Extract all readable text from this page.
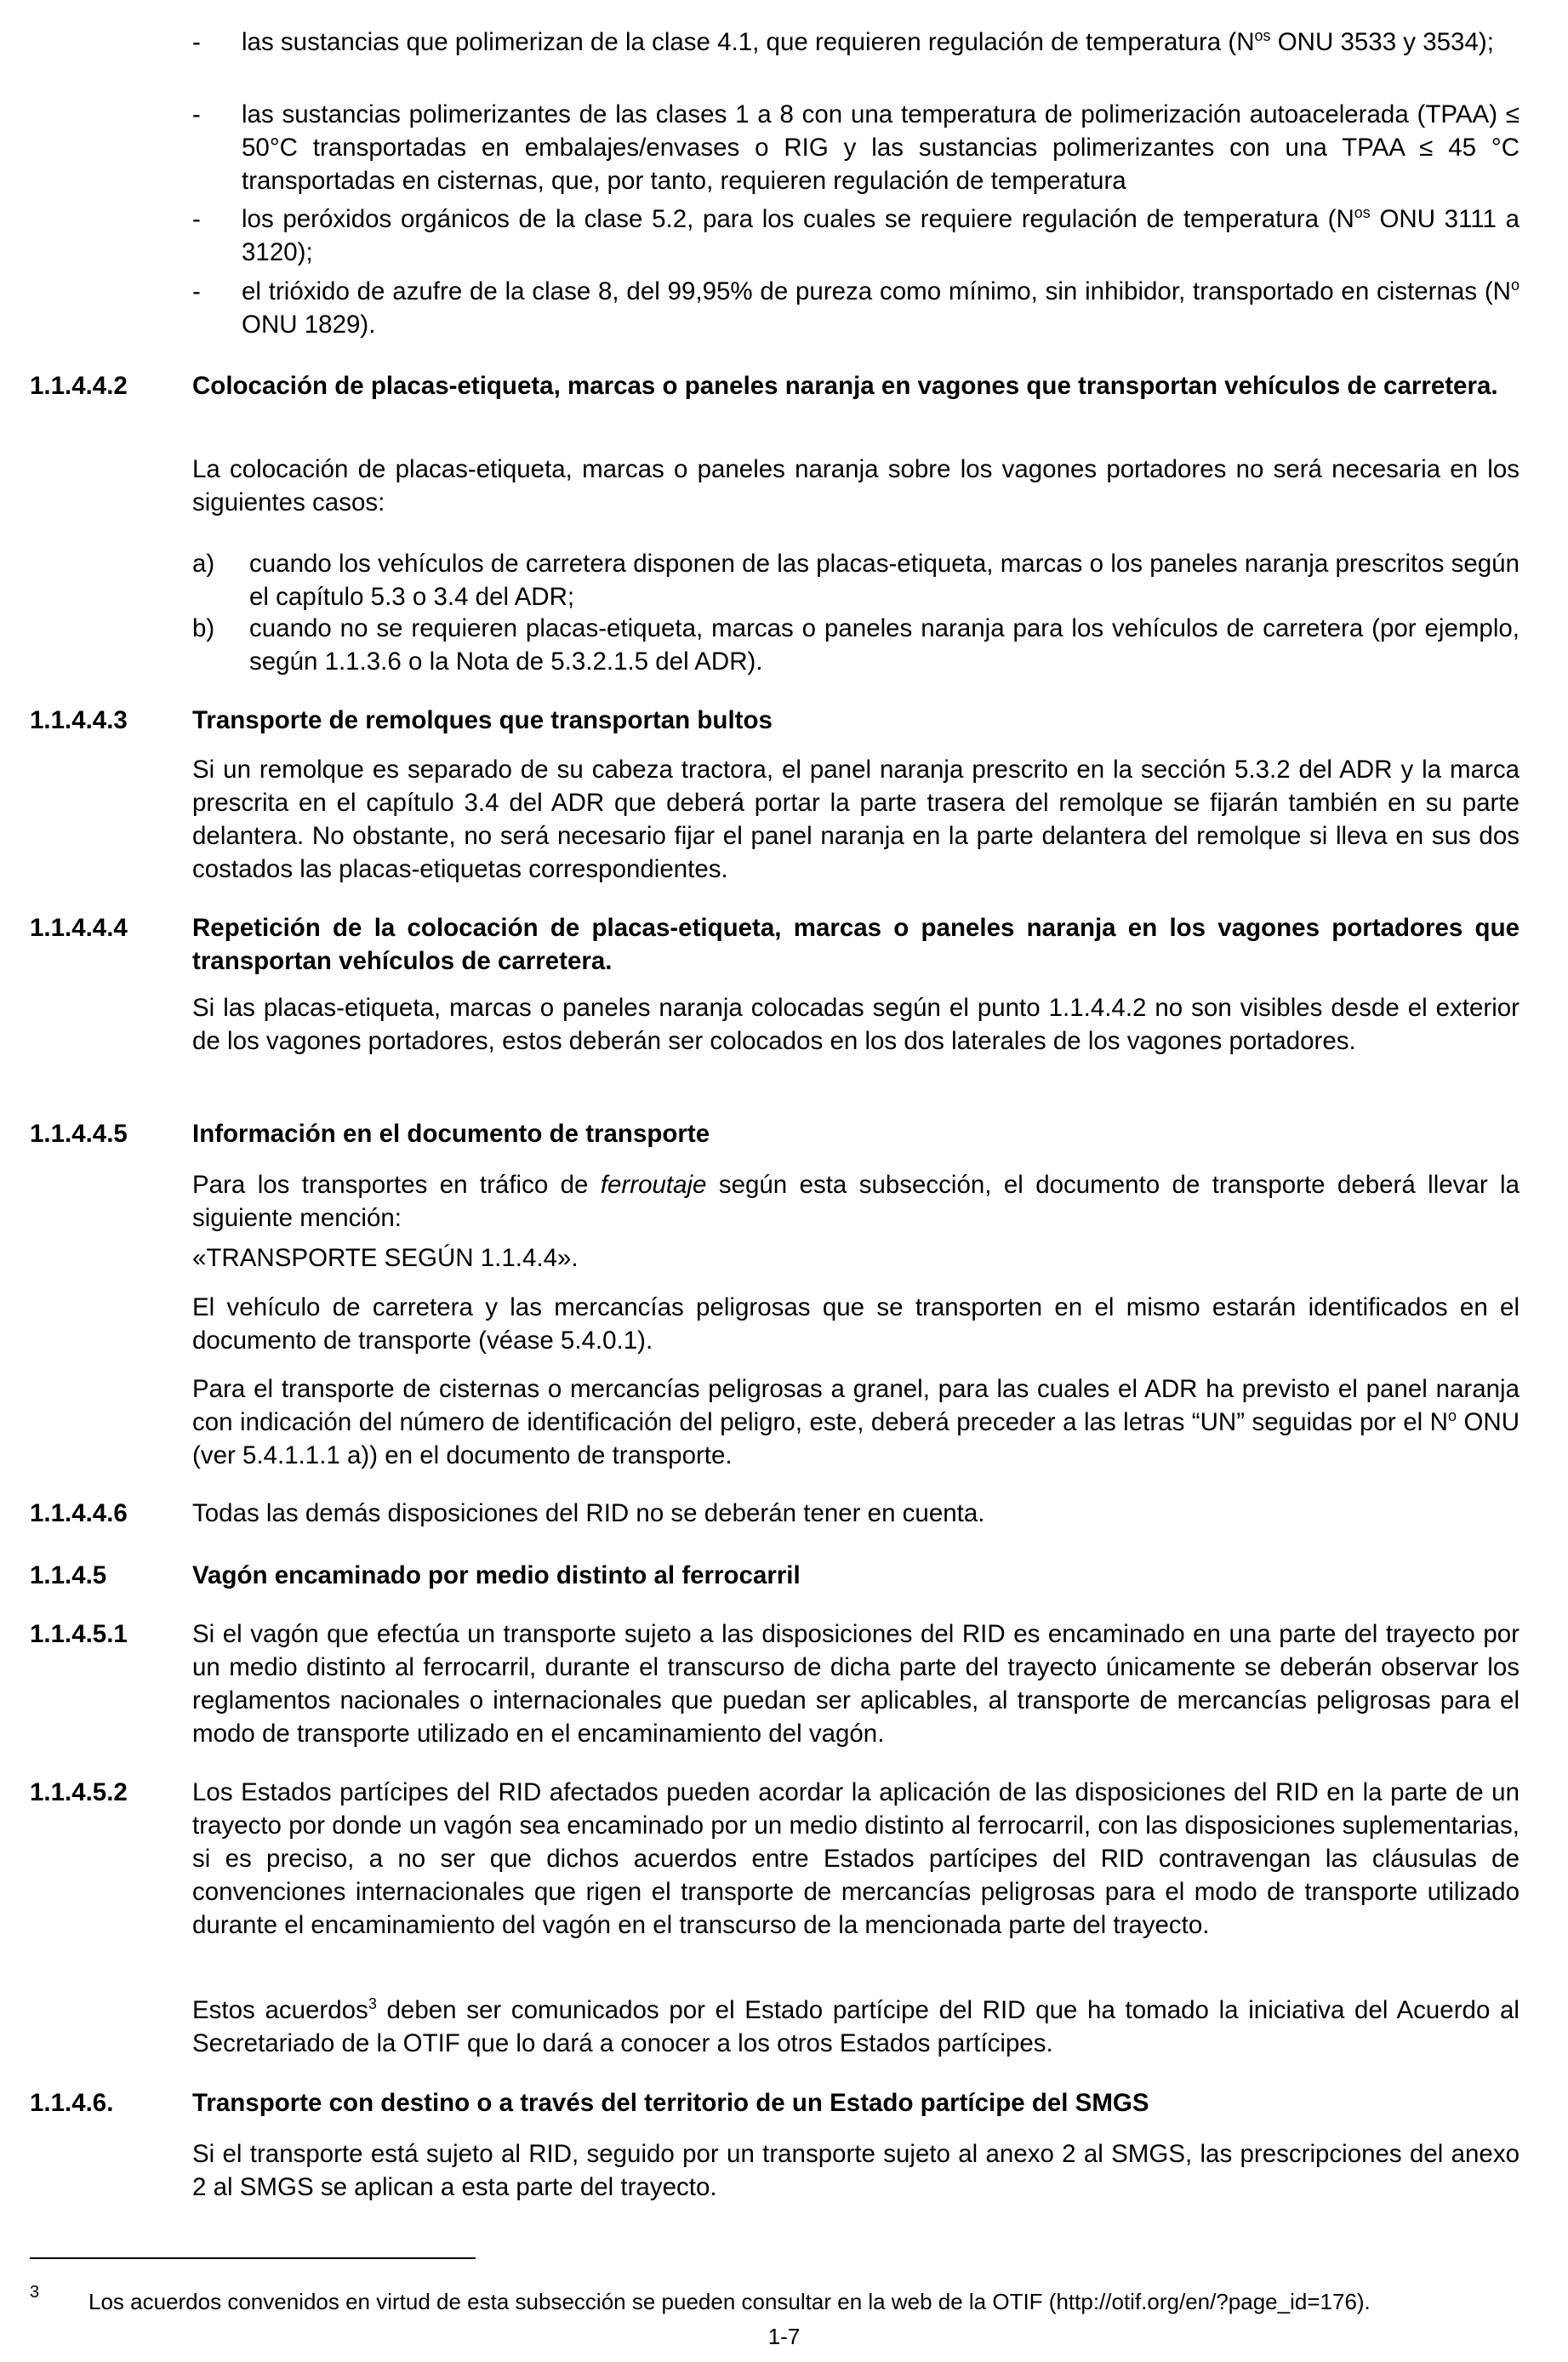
- las sustancias que polimerizan de la clase 4.1, que requieren regulación de temperatura ($N^{os}$ ONU 3533 y 3534);
- las sustancias polimerizantes de las clases 1 a 8 con una temperatura de polimerización autoacelerada (TPAA) ≤ 50°C transportadas en embalajes/envases o RIG y las sustancias polimerizantes con una TPAA ≤ 45 °C transportadas en cisternas, que, por tanto, requieren regulación de temperatura
- los peróxidos orgánicos de la clase 5.2, para los cuales se requiere regulación de temperatura ($N^{os}$ ONU 3111 a 3120);
- el trióxido de azufre de la clase 8, del 99,95% de pureza como mínimo, sin inhibidor, transportado en cisternas ($N^o$ ONU 1829).
1.1.4.4.2	Colocación de placas-etiqueta, marcas o paneles naranja en vagones que transportan vehículos de carretera.

La colocación de placas-etiqueta, marcas o paneles naranja sobre los vagones portadores no será necesaria en los siguientes casos:

a) cuando los vehículos de carretera disponen de las placas-etiqueta, marcas o los paneles naranja prescritos según el capítulo 5.3 o 3.4 del ADR;
b) cuando no se requieren placas-etiqueta, marcas o paneles naranja para los vehículos de carretera (por ejemplo, según 1.1.3.6 o la Nota de 5.3.2.1.5 del ADR).
1.1.4.4.3	Transporte de remolques que transportan bultos

Si un remolque es separado de su cabeza tractora, el panel naranja prescrito en la sección 5.3.2 del ADR y la marca prescrita en el capítulo 3.4 del ADR que deberá portar la parte trasera del remolque se fijarán también en su parte delantera. No obstante, no será necesario fijar el panel naranja en la parte delantera del remolque si lleva en sus dos costados las placas-etiquetas correspondientes.

1.1.4.4.4	Repetición de la colocación de placas-etiqueta, marcas o paneles naranja en los vagones portadores que transportan vehículos de carretera.

Si las placas-etiqueta, marcas o paneles naranja colocadas según el punto 1.1.4.4.2 no son visibles desde el exterior de los vagones portadores, estos deberán ser colocados en los dos laterales de los vagones portadores.

1.1.4.4.5	Información en el documento de transporte

Para los transportes en tráfico de ferroutaje según esta subsección, el documento de transporte deberá llevar la siguiente mención:

«TRANSPORTE SEGÚN 1.1.4.4».

El vehículo de carretera y las mercancías peligrosas que se transporten en el mismo estarán identificados en el documento de transporte (véase 5.4.0.1).

Para el transporte de cisternas o mercancías peligrosas a granel, para las cuales el ADR ha previsto el panel naranja con indicación del número de identificación del peligro, este, deberá preceder a las letras “UN” seguidas por el $N^o$ ONU (ver 5.4.1.1.1 a)) en el documento de transporte.

1.1.4.4.6	Todas las demás disposiciones del RID no se deberán tener en cuenta.

1.1.4.5	Vagón encaminado por medio distinto al ferrocarril
1.1.4.5.1	Si el vagón que efectúa un transporte sujeto a las disposiciones del RID es encaminado en una parte del trayecto por un medio distinto al ferrocarril, durante el transcurso de dicha parte del trayecto únicamente se deberán observar los reglamentos nacionales o internacionales que puedan ser aplicables, al transporte de mercancías peligrosas para el modo de transporte utilizado en el encaminamiento del vagón.

1.1.4.5.2	Los Estados partícipes del RID afectados pueden acordar la aplicación de las disposiciones del RID en la parte de un trayecto por donde un vagón sea encaminado por un medio distinto al ferrocarril, con las disposiciones suplementarias, si es preciso, a no ser que dichos acuerdos entre Estados partícipes del RID contravengan las cláusulas de convenciones internacionales que rigen el transporte de mercancías peligrosas para el modo de transporte utilizado durante el encaminamiento del vagón en el transcurso de la mencionada parte del trayecto.

Estos acuerdos$^3$ deben ser comunicados por el Estado partícipe del RID que ha tomado la iniciativa del Acuerdo al Secretariado de la OTIF que lo dará a conocer a los otros Estados partícipes.

1.1.4.6.	Transporte con destino o a través del territorio de un Estado partícipe del SMGS

Si el transporte está sujeto al RID, seguido por un transporte sujeto al anexo 2 al SMGS, las prescripciones del anexo 2 al SMGS se aplican a esta parte del trayecto.

3 Los acuerdos convenidos en virtud de esta subsección se pueden consultar en la web de la OTIF (http://otif.org/en/?page_id=176).
1-7
